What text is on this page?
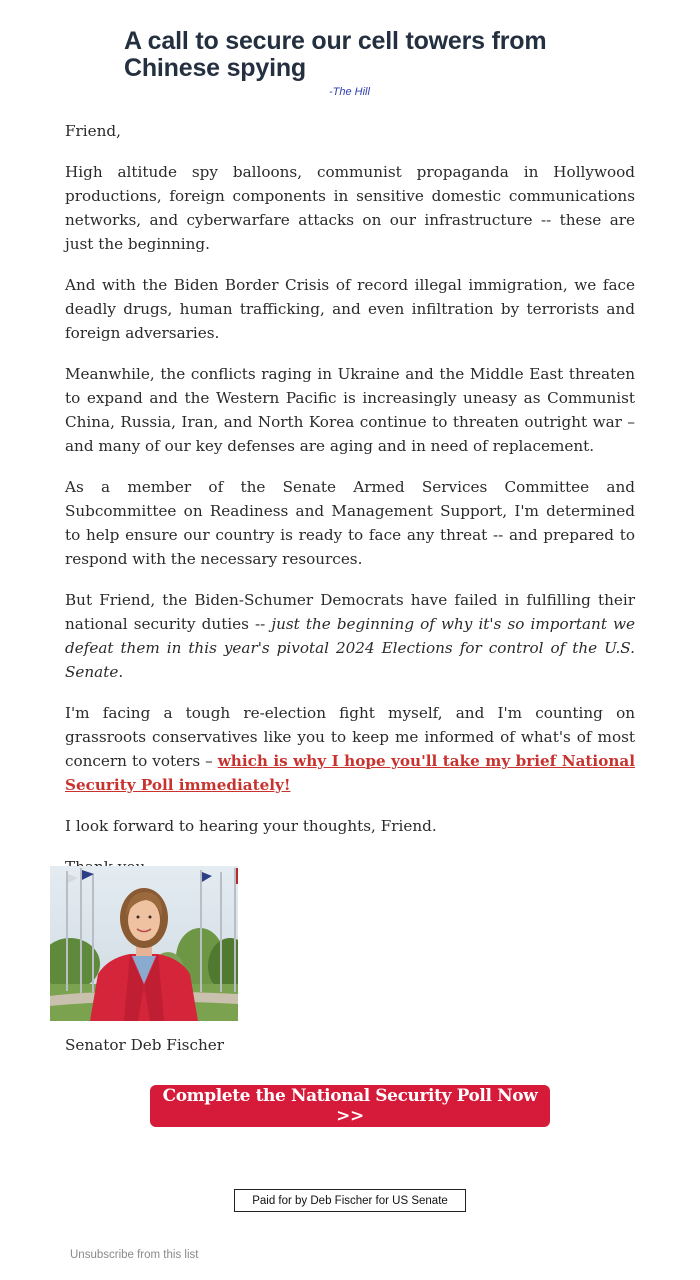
A call to secure our cell towers from Chinese spying
-The Hill

Friend,

High altitude spy balloons, communist propaganda in Hollywood productions, foreign components in sensitive domestic communications networks, and cyberwarfare attacks on our infrastructure -- these are just the beginning.

And with the Biden Border Crisis of record illegal immigration, we face deadly drugs, human trafficking, and even infiltration by terrorists and foreign adversaries.

Meanwhile, the conflicts raging in Ukraine and the Middle East threaten to expand and the Western Pacific is increasingly uneasy as Communist China, Russia, Iran, and North Korea continue to threaten outright war – and many of our key defenses are aging and in need of replacement.

As a member of the Senate Armed Services Committee and Subcommittee on Readiness and Management Support, I'm determined to help ensure our country is ready to face any threat -- and prepared to respond with the necessary resources.

But Friend, the Biden-Schumer Democrats have failed in fulfilling their national security duties -- just the beginning of why it's so important we defeat them in this year's pivotal 2024 Elections for control of the U.S. Senate.

I'm facing a tough re-election fight myself, and I'm counting on grassroots conservatives like you to keep me informed of what's of most concern to voters – which is why I hope you'll take my brief National Security Poll immediately!

I look forward to hearing your thoughts, Friend.

Senator Deb Fischer
Complete the National Security Poll Now >>
Paid for by Deb Fischer for US Senate
Unsubscribe from this list
